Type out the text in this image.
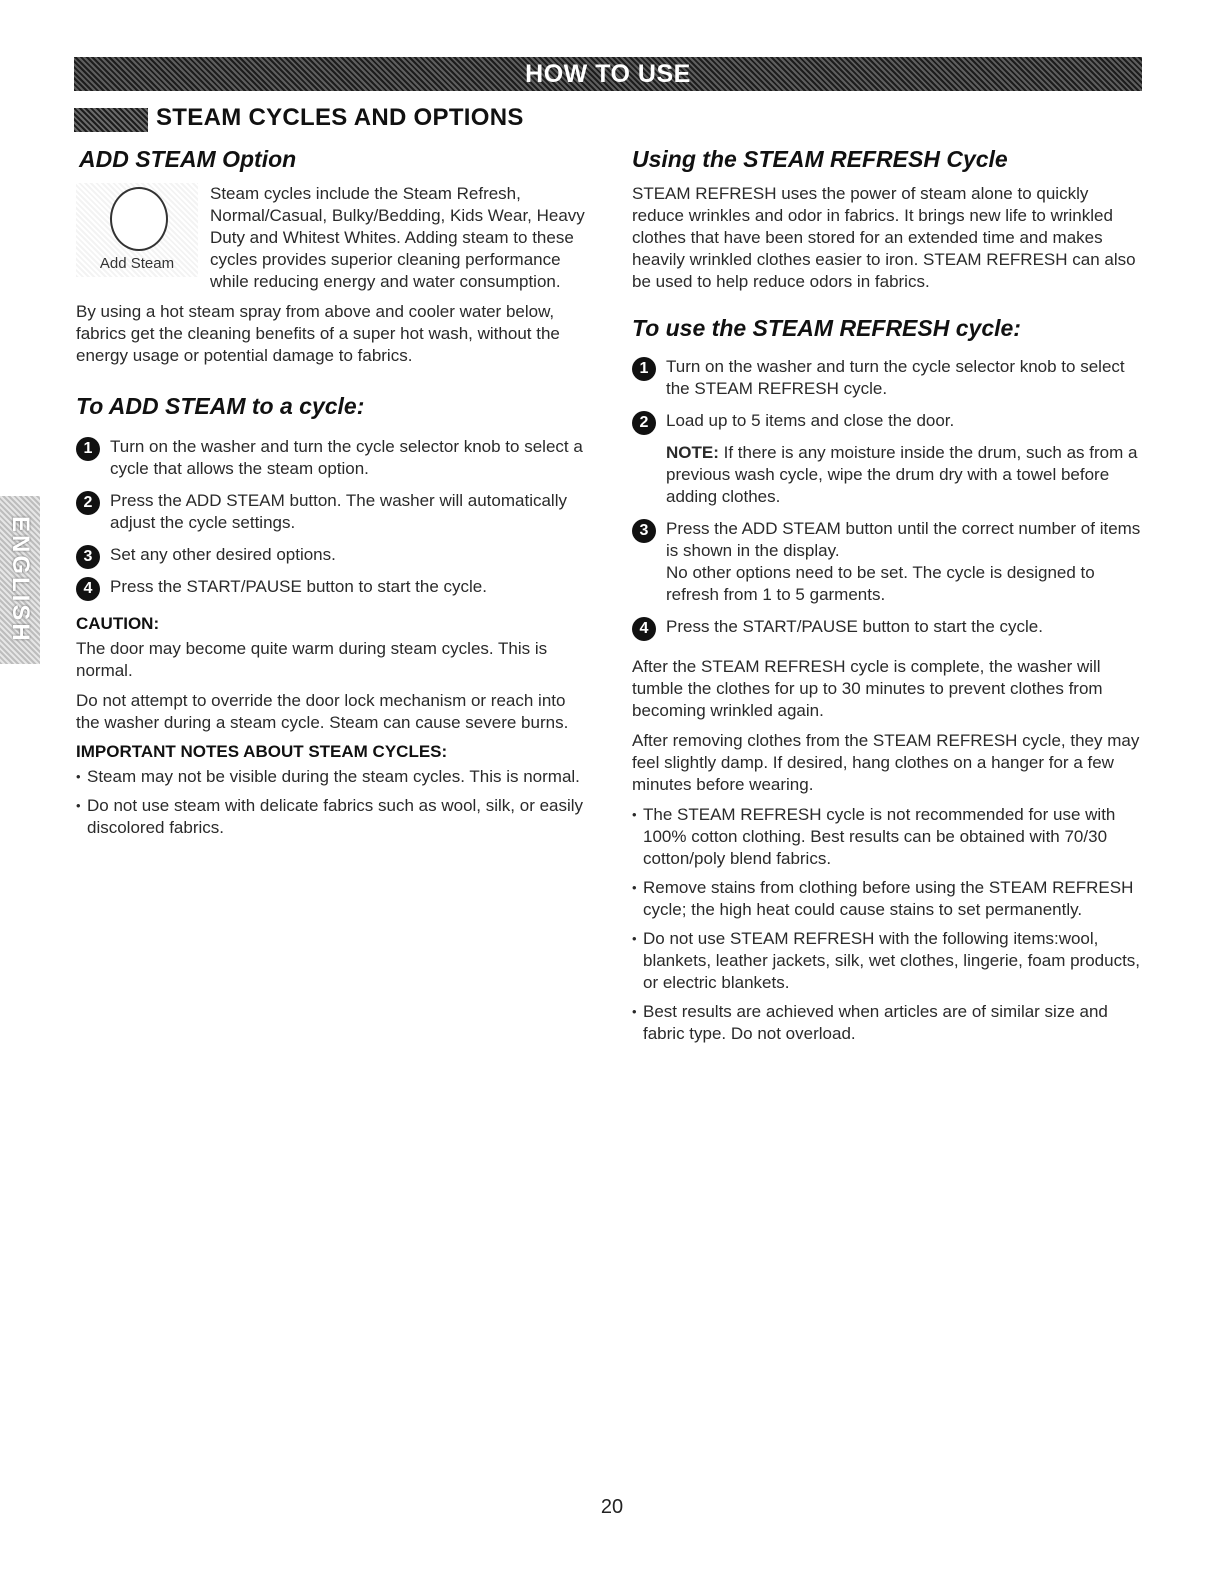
HOW TO USE
STEAM CYCLES AND OPTIONS
ENGLISH
ADD STEAM Option
Add Steam

Steam cycles include the Steam Refresh, Normal/Casual, Bulky/Bedding, Kids Wear, Heavy Duty and Whitest Whites. Adding steam to these cycles provides superior cleaning performance while reducing energy and water consumption.

By using a hot steam spray from above and cooler water below, fabrics get the cleaning benefits of a super hot wash, without the energy usage or potential damage to fabrics.

To ADD STEAM to a cycle:
1	Turn on the washer and turn the cycle selector knob to select a cycle that allows the steam option.
2	Press the ADD STEAM button. The washer will automatically adjust the cycle settings.
3	Set any other desired options.
4	Press the START/PAUSE button to start the cycle.
CAUTION:

The door may become quite warm during steam cycles. This is normal.

Do not attempt to override the door lock mechanism or reach into the washer during a steam cycle. Steam can cause severe burns.

IMPORTANT NOTES ABOUT STEAM CYCLES:
• Steam may not be visible during the steam cycles. This is normal.
• Do not use steam with delicate fabrics such as wool, silk, or easily discolored fabrics.
Using the STEAM REFRESH Cycle

STEAM REFRESH uses the power of steam alone to quickly reduce wrinkles and odor in fabrics. It brings new life to wrinkled clothes that have been stored for an extended time and makes heavily wrinkled clothes easier to iron. STEAM REFRESH can also be used to help reduce odors in fabrics.

To use the STEAM REFRESH cycle:
1	Turn on the washer and turn the cycle selector knob to select the STEAM REFRESH cycle.
2	Load up to 5 items and close the door.
NOTE: If there is any moisture inside the drum, such as from a previous wash cycle, wipe the drum dry with a towel before adding clothes.
3	Press the ADD STEAM button until the correct number of items is shown in the display.
No other options need to be set. The cycle is designed to refresh from 1 to 5 garments.
4	Press the START/PAUSE button to start the cycle.

After the STEAM REFRESH cycle is complete, the washer will tumble the clothes for up to 30 minutes to prevent clothes from becoming wrinkled again.

After removing clothes from the STEAM REFRESH cycle, they may feel slightly damp. If desired, hang clothes on a hanger for a few minutes before wearing.

• The STEAM REFRESH cycle is not recommended for use with 100% cotton clothing. Best results can be obtained with 70/30 cotton/poly blend fabrics.
• Remove stains from clothing before using the STEAM REFRESH cycle; the high heat could cause stains to set permanently.
• Do not use STEAM REFRESH with the following items:wool, blankets, leather jackets, silk, wet clothes, lingerie, foam products, or electric blankets.
• Best results are achieved when articles are of similar size and fabric type. Do not overload.
20
